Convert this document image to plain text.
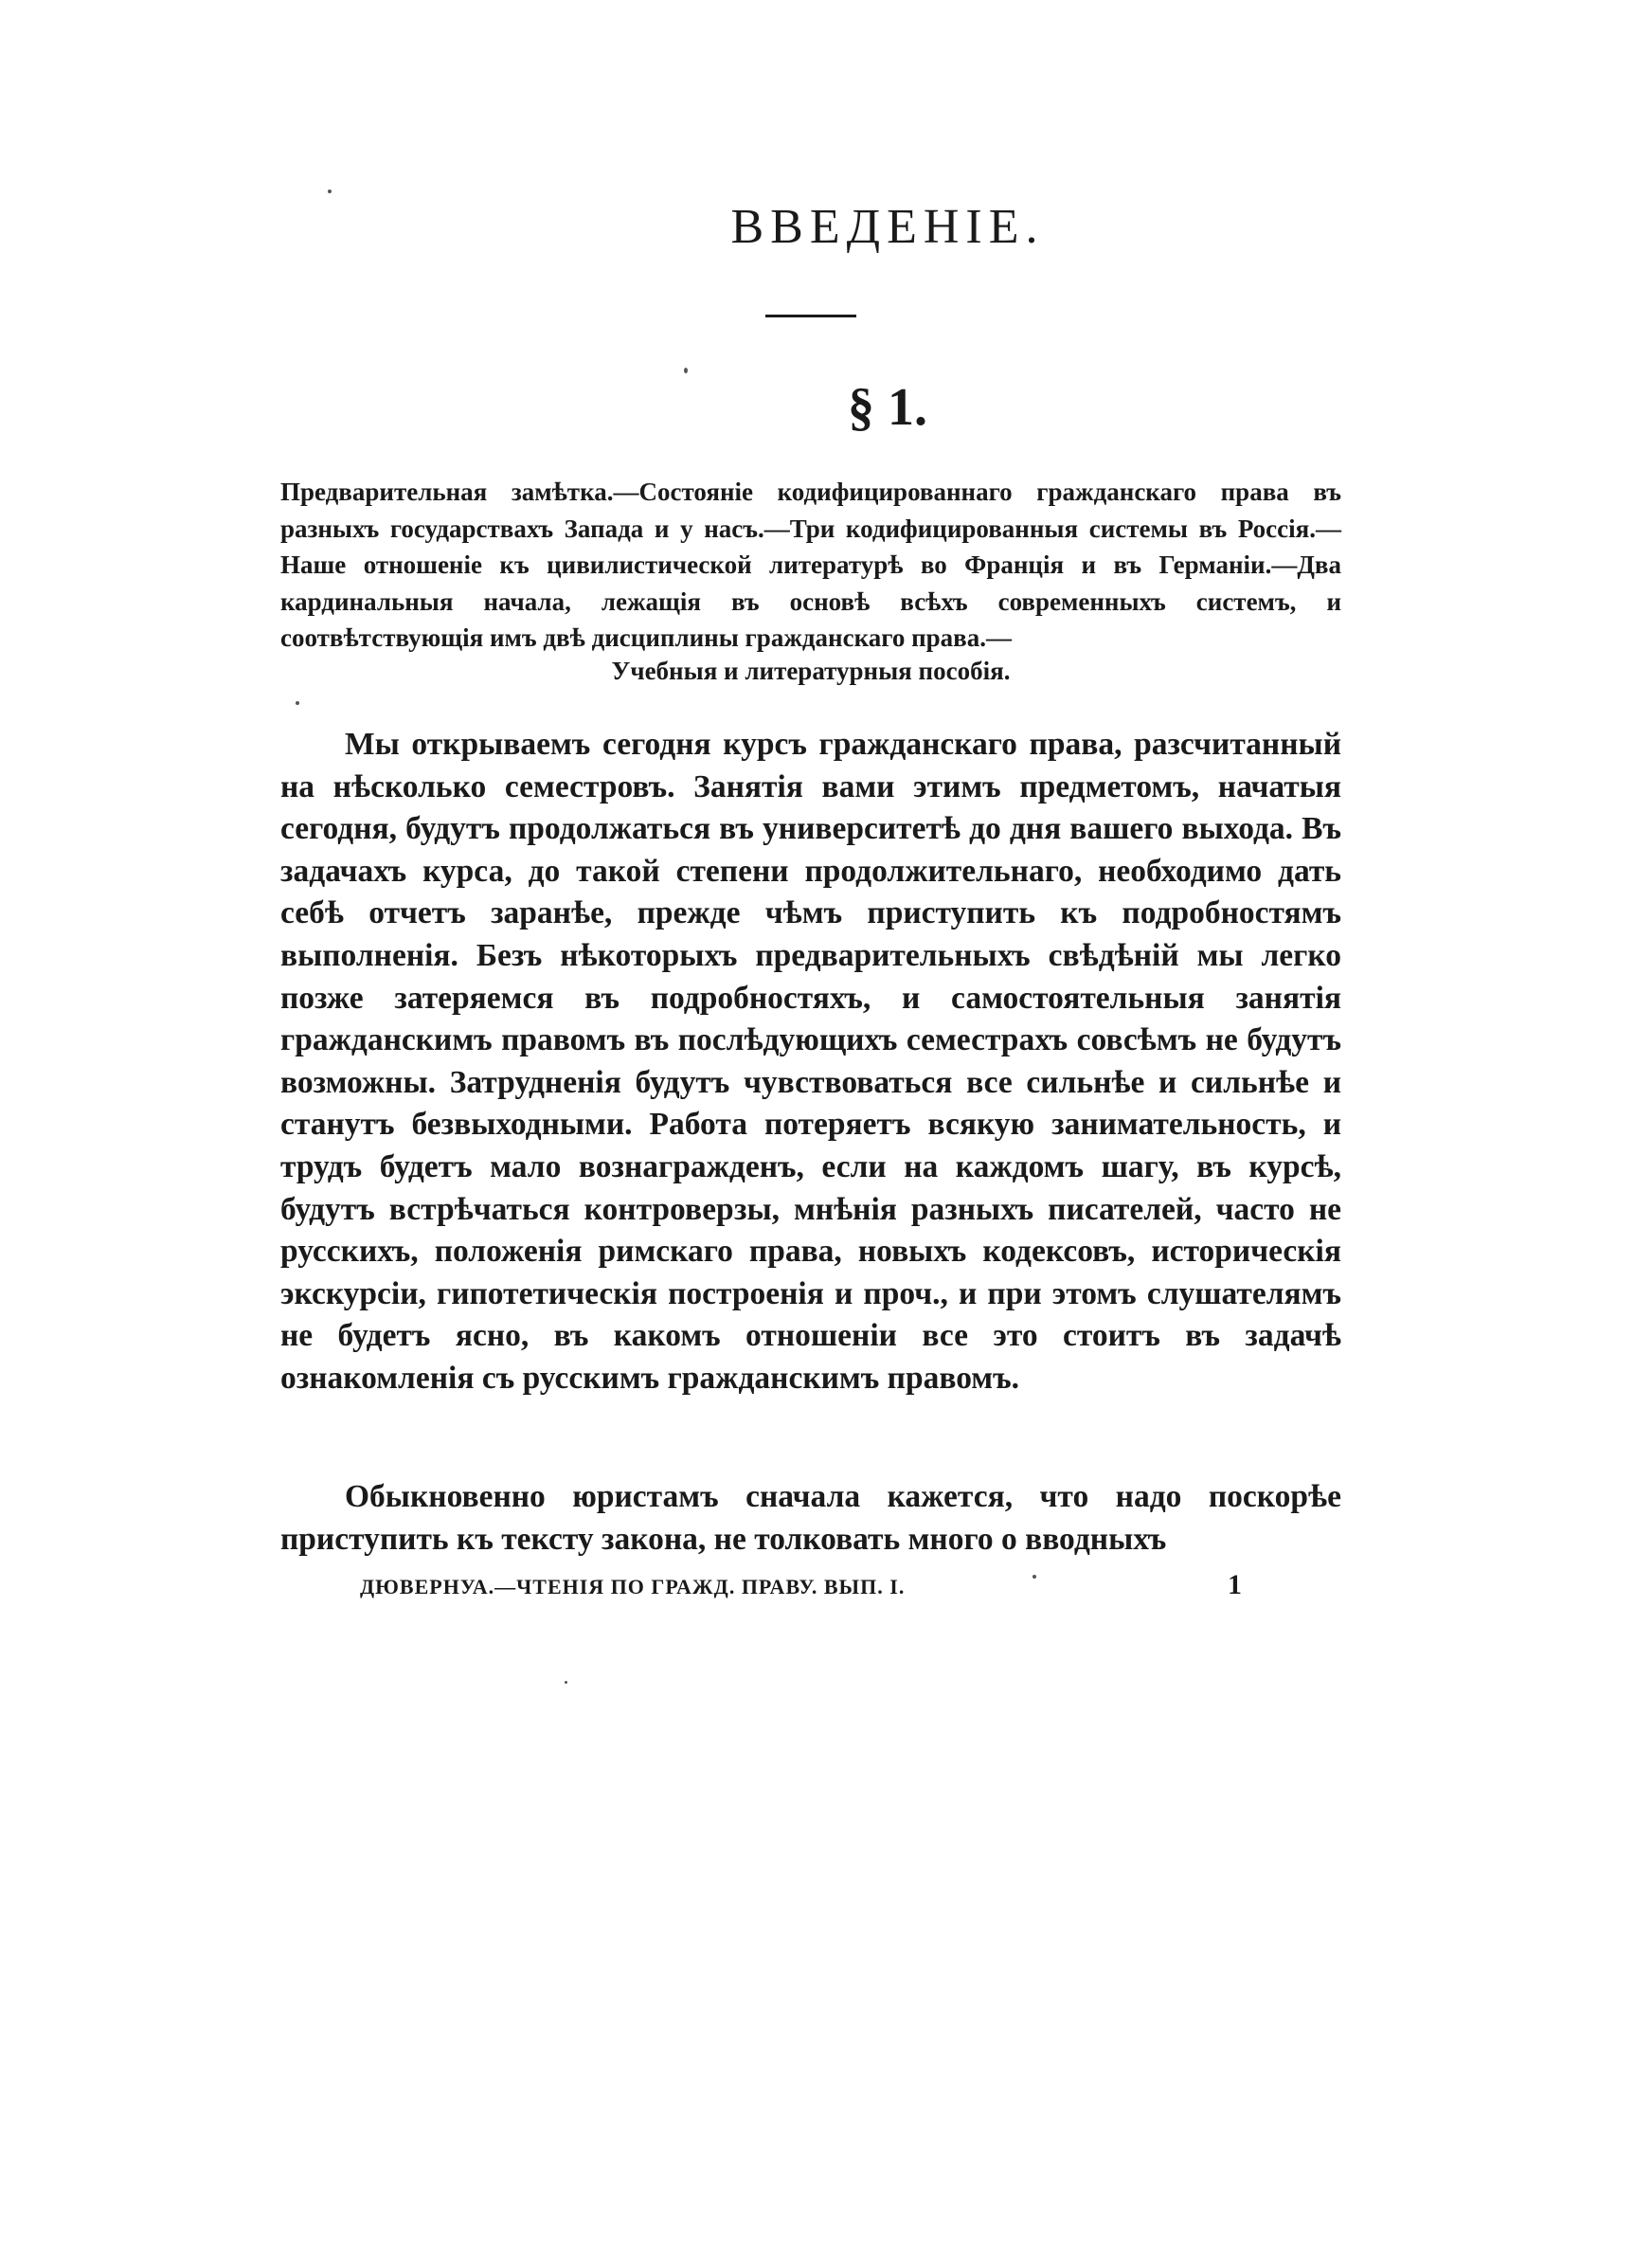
ВВЕДЕНІЕ.
§ 1.

Предварительная замѣтка.—Состояніе кодифицированнаго гражданскаго права въ разныхъ государствахъ Запада и у насъ.—Три кодифицированныя системы въ Россія.—Наше отношеніе къ цивилистической литературѣ во Франція и въ Германіи.—Два кардинальныя начала, лежащія въ основѣ всѣхъ современныхъ системъ, и соотвѣтствующія имъ двѣ дисциплины гражданскаго права.—

Учебныя и литературныя пособія.

Мы открываемъ сегодня курсъ гражданскаго права, разсчитанный на нѣсколько семестровъ. Занятія вами этимъ предметомъ, начатыя сегодня, будутъ продолжаться въ университетѣ до дня вашего выхода. Въ задачахъ курса, до такой степени продолжительнаго, необходимо дать себѣ отчетъ заранѣе, прежде чѣмъ приступить къ подробностямъ выполненія. Безъ нѣкоторыхъ предварительныхъ свѣдѣній мы легко позже затеряемся въ подробностяхъ, и самостоятельныя занятія гражданскимъ правомъ въ послѣдующихъ семестрахъ совсѣмъ не будутъ возможны. Затрудненія будутъ чувствоваться все сильнѣе и сильнѣе и станутъ безвыходными. Работа потеряетъ всякую занимательность, и трудъ будетъ мало вознагражденъ, если на каждомъ шагу, въ курсѣ, будутъ встрѣчаться контроверзы, мнѣнія разныхъ писателей, часто не русскихъ, положенія римскаго права, новыхъ кодексовъ, историческія экскурсіи, гипотетическія построенія и проч., и при этомъ слушателямъ не будетъ ясно, въ какомъ отношеніи все это стоитъ въ задачѣ ознакомленія съ русскимъ гражданскимъ правомъ.

Обыкновенно юристамъ сначала кажется, что надо поскорѣе приступить къ тексту закона, не толковать много о вводныхъ

ДЮВЕРНУА.—ЧТЕНІЯ ПО ГРАЖД. ПРАВУ. ВЫП. I.	1
